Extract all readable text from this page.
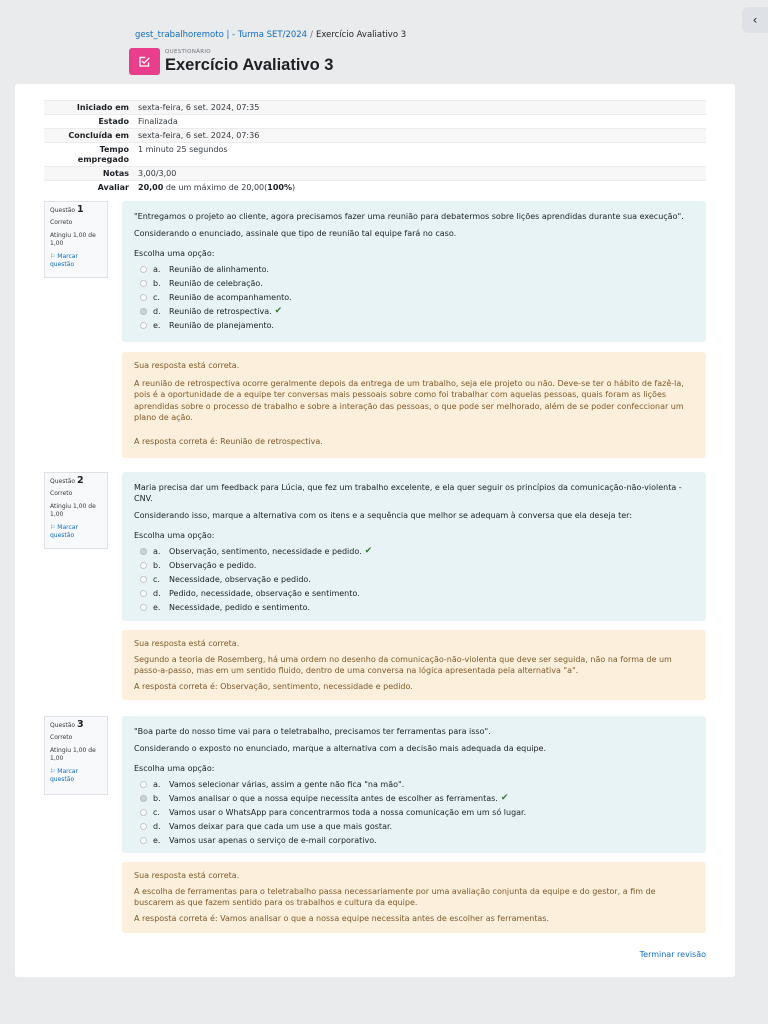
‹
gest_trabalhoremoto | - Turma SET/2024 / Exercício Avaliativo 3
QUESTIONÁRIO
Exercício Avaliativo 3
Iniciado em	sexta-feira, 6 set. 2024, 07:35
Estado	Finalizada
Concluída em	sexta-feira, 6 set. 2024, 07:36
Tempo empregado	1 minuto 25 segundos
Notas	3,00/3,00
Avaliar	20,00 de um máximo de 20,00(100%)
Questão 1
Correto
Atingiu 1,00 de 1,00
⚐ Marcar questão

"Entregamos o projeto ao cliente, agora precisamos fazer uma reunião para debatermos sobre lições aprendidas durante sua execução".

Considerando o enunciado, assinale que tipo de reunião tal equipe fará no caso.

Escolha uma opção:
a.	Reunião de alinhamento.
b.	Reunião de celebração.
c.	Reunião de acompanhamento.
d.	Reunião de retrospectiva. ✔
e.	Reunião de planejamento.

Sua resposta está correta.

A reunião de retrospectiva ocorre geralmente depois da entrega de um trabalho, seja ele projeto ou não. Deve-se ter o hábito de fazê-la, pois é a oportunidade de a equipe ter conversas mais pessoais sobre como foi trabalhar com aquelas pessoas, quais foram as lições aprendidas sobre o processo de trabalho e sobre a interação das pessoas, o que pode ser melhorado, além de se poder confeccionar um plano de ação.

A resposta correta é: Reunião de retrospectiva.

Questão 2
Correto
Atingiu 1,00 de 1,00
⚐ Marcar questão

Maria precisa dar um feedback para Lúcia, que fez um trabalho excelente, e ela quer seguir os princípios da comunicação-não-violenta - CNV.

Considerando isso, marque a alternativa com os itens e a sequência que melhor se adequam à conversa que ela deseja ter:

Escolha uma opção:
a.	Observação, sentimento, necessidade e pedido. ✔
b.	Observação e pedido.
c.	Necessidade, observação e pedido.
d.	Pedido, necessidade, observação e sentimento.
e.	Necessidade, pedido e sentimento.

Sua resposta está correta.

Segundo a teoria de Rosemberg, há uma ordem no desenho da comunicação-não-violenta que deve ser seguida, não na forma de um passo-a-passo, mas em um sentido fluido, dentro de uma conversa na lógica apresentada pela alternativa "a".

A resposta correta é: Observação, sentimento, necessidade e pedido.

Questão 3
Correto
Atingiu 1,00 de 1,00
⚐ Marcar questão

"Boa parte do nosso time vai para o teletrabalho, precisamos ter ferramentas para isso".

Considerando o exposto no enunciado, marque a alternativa com a decisão mais adequada da equipe.

Escolha uma opção:
a.	Vamos selecionar várias, assim a gente não fica "na mão".
b.	Vamos analisar o que a nossa equipe necessita antes de escolher as ferramentas. ✔
c.	Vamos usar o WhatsApp para concentrarmos toda a nossa comunicação em um só lugar.
d.	Vamos deixar para que cada um use a que mais gostar.
e.	Vamos usar apenas o serviço de e-mail corporativo.

Sua resposta está correta.

A escolha de ferramentas para o teletrabalho passa necessariamente por uma avaliação conjunta da equipe e do gestor, a fim de buscarem as que fazem sentido para os trabalhos e cultura da equipe.

A resposta correta é: Vamos analisar o que a nossa equipe necessita antes de escolher as ferramentas.

Terminar revisão
